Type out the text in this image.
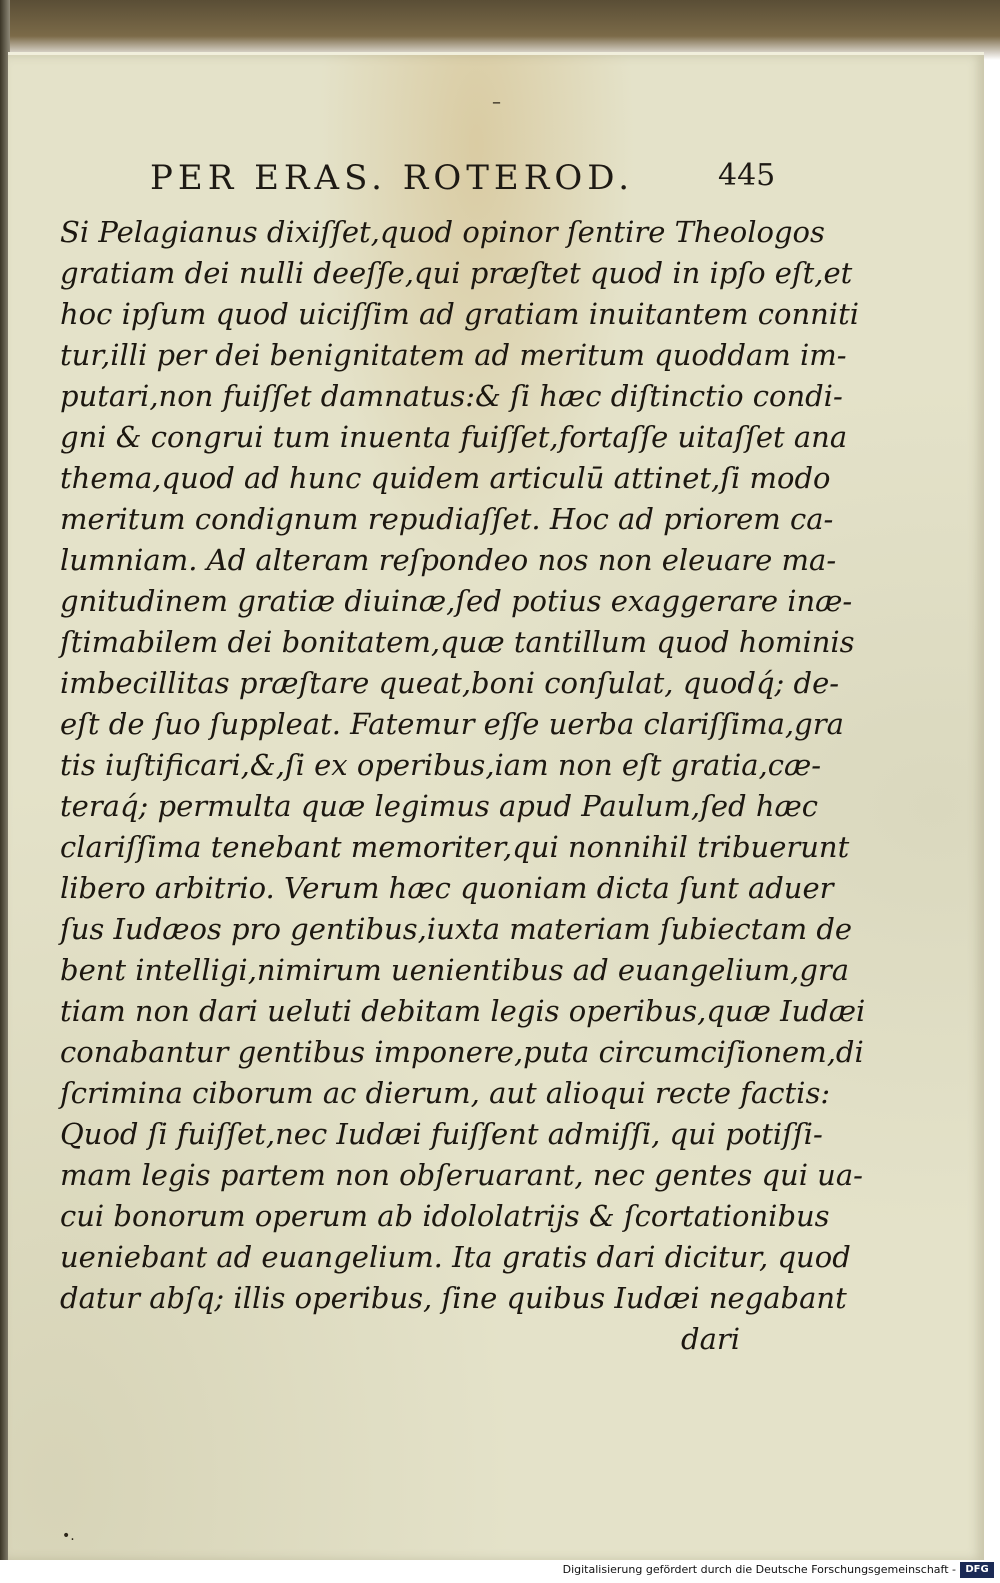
PER ERAS. ROTEROD.	445
–
•.
Si Pelagianus dixiſſet,quod opinor ſentire Theologos
gratiam dei nulli deeſſe,qui præſtet quod in ipſo eſt,et
hoc ipſum quod uiciſſim ad gratiam inuitantem conniti
tur,illi per dei benignitatem ad meritum quoddam im-
putari,non fuiſſet damnatus:& ſi hæc diſtinctio condi-
gni & congrui tum inuenta fuiſſet,fortaſſe uitaſſet ana
thema,quod ad hunc quidem articulū attinet,ſi modo
meritum condignum repudiaſſet. Hoc ad priorem ca-
lumniam. Ad alteram reſpondeo nos non eleuare ma-
gnitudinem gratiæ diuinæ,ſed potius exaggerare inæ-
ſtimabilem dei bonitatem,quæ tantillum quod hominis
imbecillitas præſtare queat,boni conſulat, quodq́; de-
eſt de ſuo ſuppleat. Fatemur eſſe uerba clariſſima,gra
tis iuſtificari,&,ſi ex operibus,iam non eſt gratia,cæ-
teraq́; permulta quæ legimus apud Paulum,ſed hæc
clariſſima tenebant memoriter,qui nonnihil tribuerunt
libero arbitrio. Verum hæc quoniam dicta ſunt aduer
ſus Iudæos pro gentibus,iuxta materiam ſubiectam de
bent intelligi,nimirum uenientibus ad euangelium,gra
tiam non dari ueluti debitam legis operibus,quæ Iudæi
conabantur gentibus imponere,puta circumciſionem,di
ſcrimina ciborum ac dierum, aut alioqui recte factis:
Quod ſi fuiſſet,nec Iudæi fuiſſent admiſſi, qui potiſſi-
mam legis partem non obſeruarant, nec gentes qui ua-
cui bonorum operum ab idololatrijs & ſcortationibus
ueniebant ad euangelium. Ita gratis dari dicitur, quod
datur abſq; illis operibus, ſine quibus Iudæi negabant
dari
Digitalisierung gefördert durch die Deutsche Forschungsgemeinschaft - DFG
